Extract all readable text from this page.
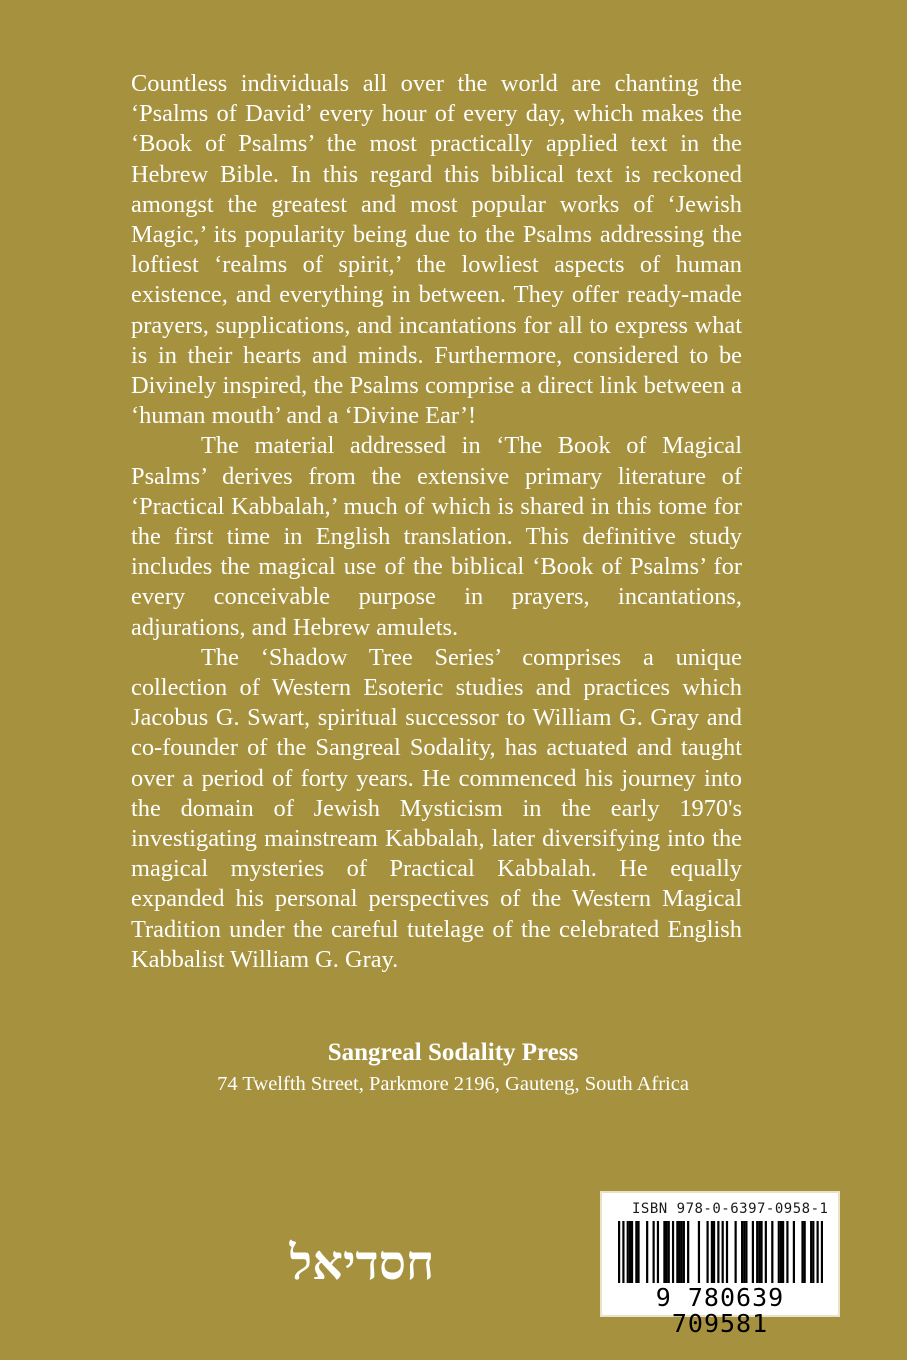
Countless individuals all over the world are chanting the ‘Psalms of David’ every hour of every day, which makes the ‘Book of Psalms’ the most practically applied text in the Hebrew Bible. In this regard this biblical text is reckoned amongst the greatest and most popular works of ‘Jewish Magic,’ its popularity being due to the Psalms addressing the loftiest ‘realms of spirit,’ the lowliest aspects of human existence, and everything in between. They offer ready-made prayers, supplications, and incantations for all to express what is in their hearts and minds. Furthermore, considered to be Divinely inspired, the Psalms comprise a direct link between a ‘human mouth’ and a ‘Divine Ear’!

The material addressed in ‘The Book of Magical Psalms’ derives from the extensive primary literature of ‘Practical Kabbalah,’ much of which is shared in this tome for the first time in English translation. This definitive study includes the magical use of the biblical ‘Book of Psalms’ for every conceivable purpose in prayers, incantations, adjurations, and Hebrew amulets.

The ‘Shadow Tree Series’ comprises a unique collection of Western Esoteric studies and practices which Jacobus G. Swart, spiritual successor to William G. Gray and co-founder of the Sangreal Sodality, has actuated and taught over a period of forty years. He commenced his journey into the domain of Jewish Mysticism in the early 1970's investigating mainstream Kabbalah, later diversifying into the magical mysteries of Practical Kabbalah. He equally expanded his personal perspectives of the Western Magical Tradition under the careful tutelage of the celebrated English Kabbalist William G. Gray.

Sangreal Sodality Press
74 Twelfth Street, Parkmore 2196, Gauteng, South Africa
חסדיאל
ISBN 978-0-6397-0958-1
9 780639 709581
